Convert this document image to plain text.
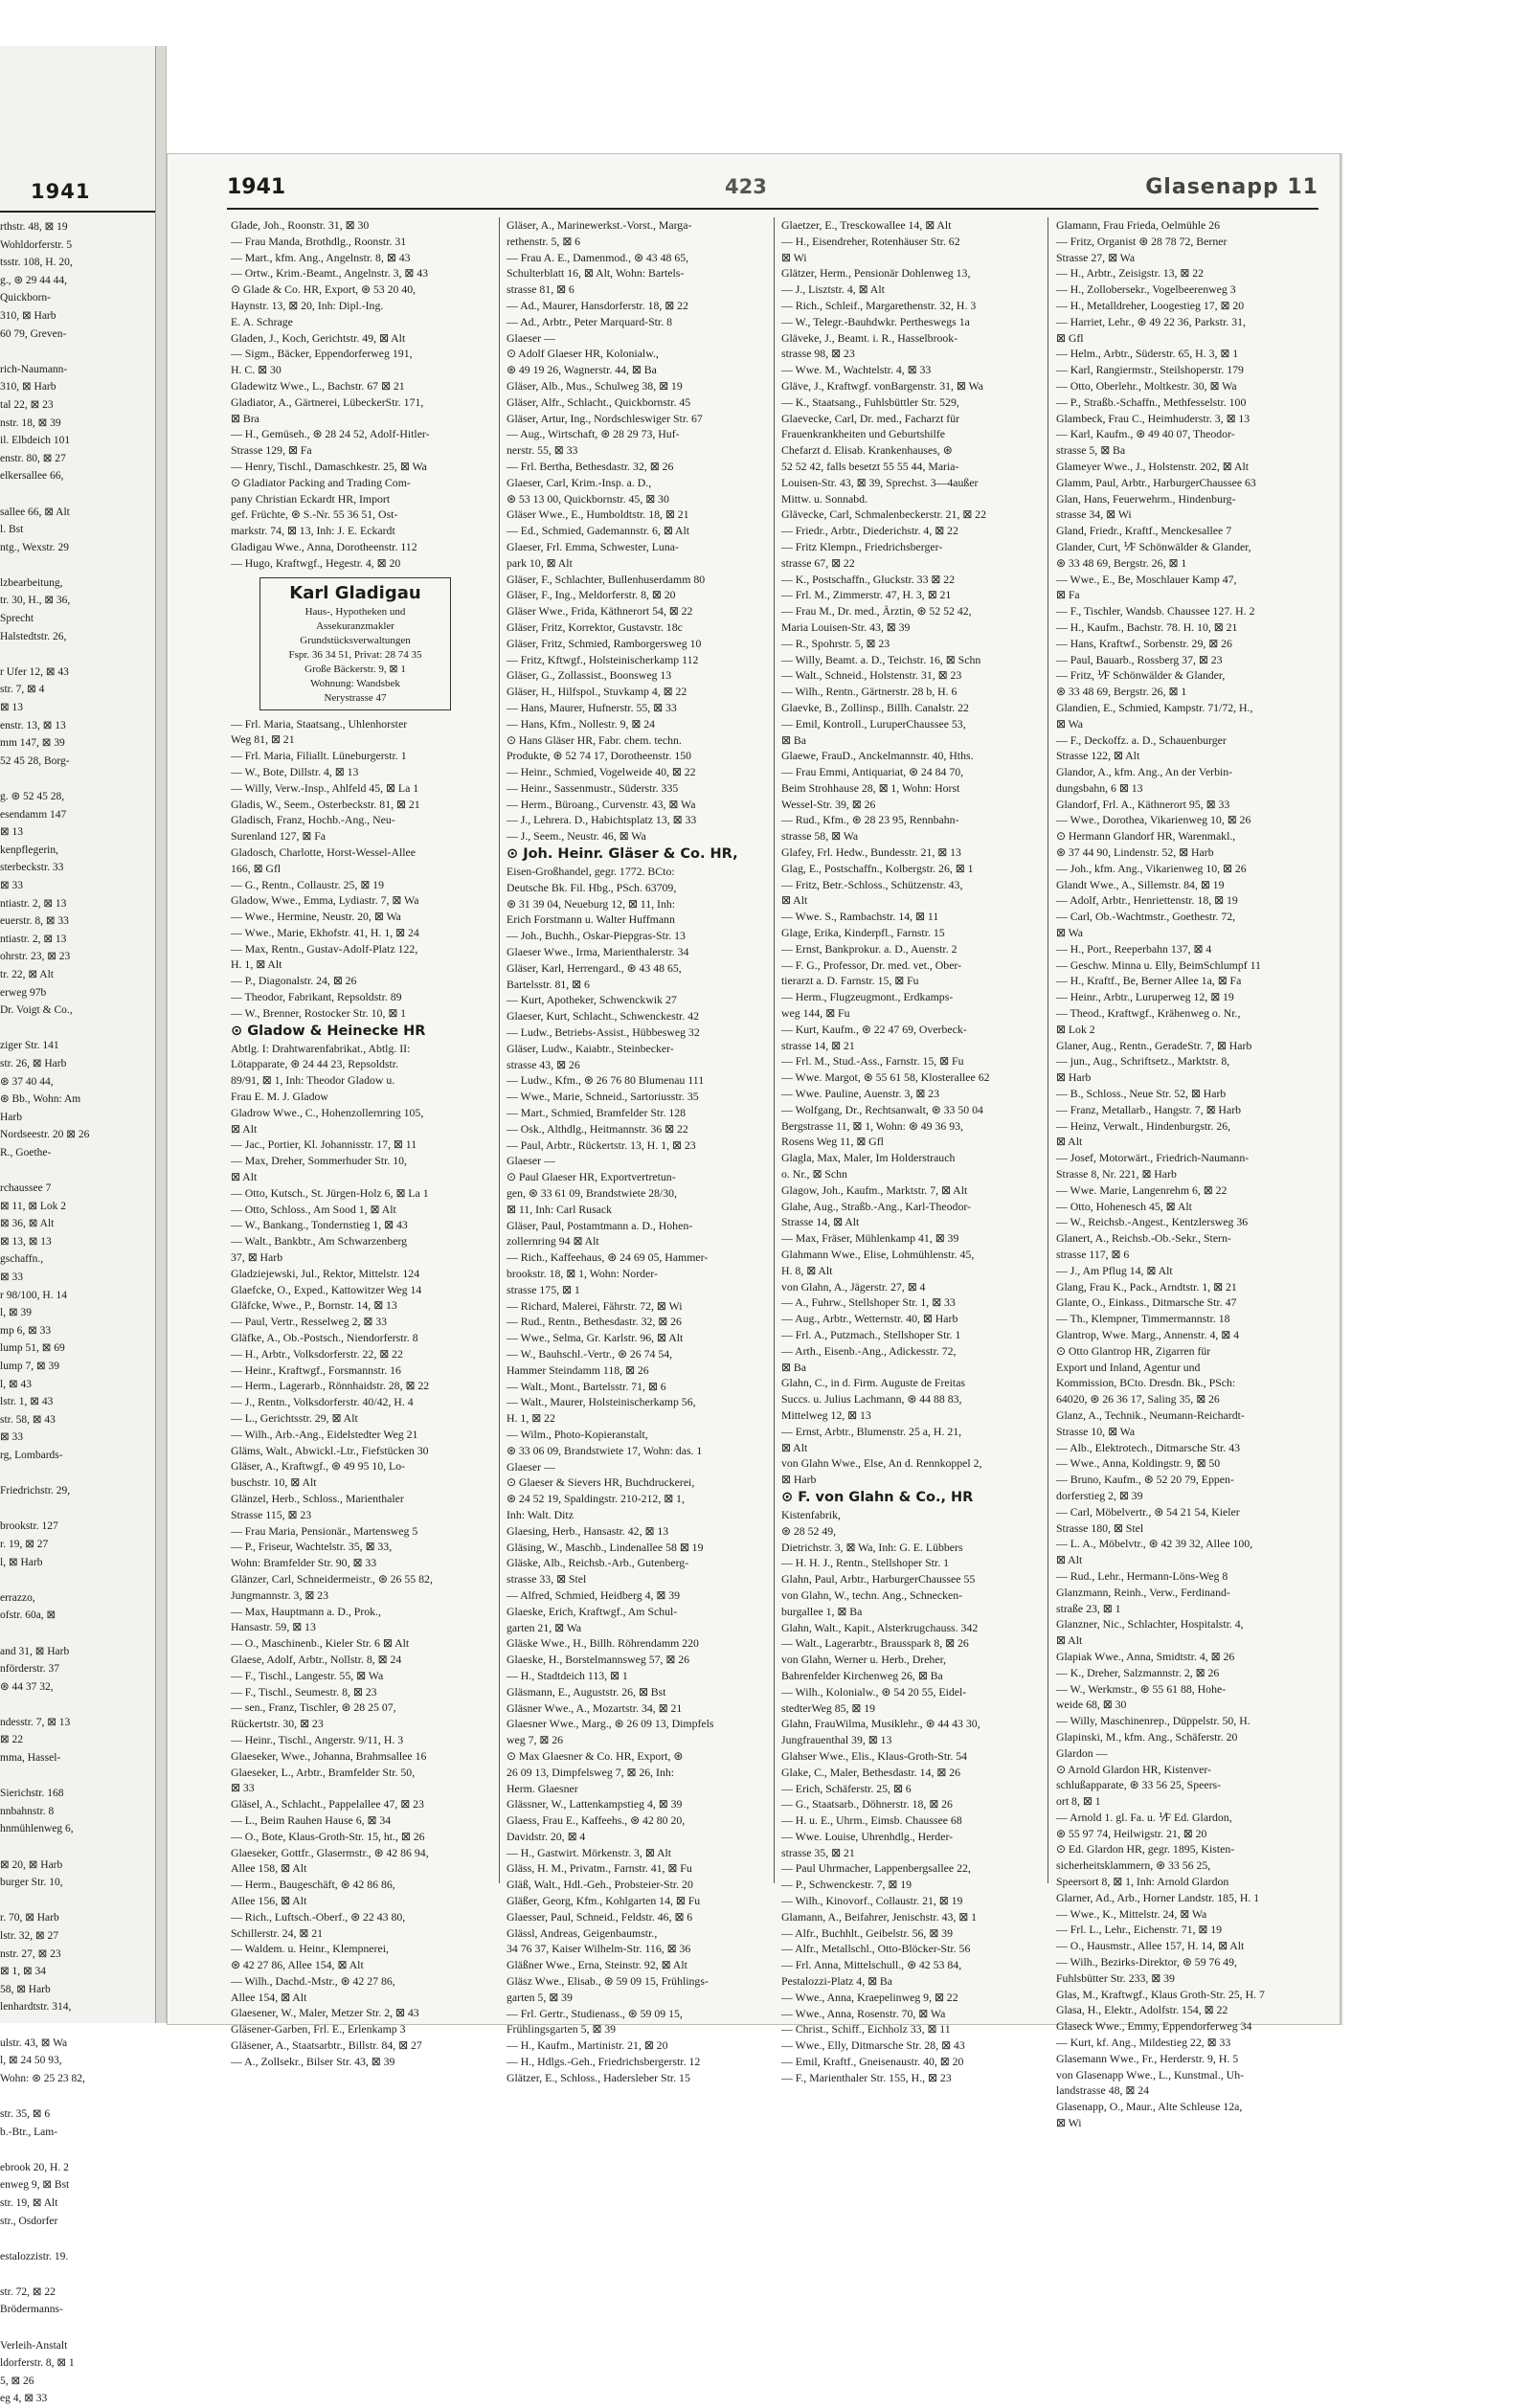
1941
rthstr. 48, ⊠ 19
Wohldorferstr. 5
tsstr. 108, H. 20,
g., ⊛ 29 44 44,
Quickborn-
310, ⊠ Harb
60 79, Greven-

rich-Naumann-
310, ⊠ Harb
tal 22, ⊠ 23
nstr. 18, ⊠ 39
il. Elbdeich 101
enstr. 80, ⊠ 27
elkersallee 66,

sallee 66, ⊠ Alt
l. Bst
ntg., Wexstr. 29

lzbearbeitung,
tr. 30, H., ⊠ 36,
Sprecht
Halstedtstr. 26,

r Ufer 12, ⊠ 43
str. 7, ⊠ 4
⊠ 13
enstr. 13, ⊠ 13
mm 147, ⊠ 39
52 45 28, Borg-

g. ⊛ 52 45 28,
esendamm 147
⊠ 13
kenpflegerin,
sterbeckstr. 33
⊠ 33
ntiastr. 2, ⊠ 13
euerstr. 8, ⊠ 33
ntiastr. 2, ⊠ 13
ohrstr. 23, ⊠ 23
tr. 22, ⊠ Alt
erweg 97b
Dr. Voigt & Co.,

ziger Str. 141
str. 26, ⊠ Harb
⊛ 37 40 44,
⊛ Bb., Wohn: Am
Harb
Nordseestr. 20 ⊠ 26
R., Goethe-

rchaussee 7
⊠ 11, ⊠ Lok 2
⊠ 36, ⊠ Alt
⊠ 13, ⊠ 13
gschaffn.,
⊠ 33
r 98/100, H. 14
l, ⊠ 39
mp 6, ⊠ 33
lump 51, ⊠ 69
lump 7, ⊠ 39
l, ⊠ 43
lstr. 1, ⊠ 43
str. 58, ⊠ 43
⊠ 33
rg, Lombards-

Friedrichstr. 29,

brookstr. 127
r. 19, ⊠ 27
l, ⊠ Harb

errazzo,
ofstr. 60a, ⊠

and 31, ⊠ Harb
nförderstr. 37
⊛ 44 37 32,

ndesstr. 7, ⊠ 13
⊠ 22
mma, Hassel-

Sierichstr. 168
nnbahnstr. 8
hnmühlenweg 6,

⊠ 20, ⊠ Harb
burger Str. 10,

r. 70, ⊠ Harb
lstr. 32, ⊠ 27
nstr. 27, ⊠ 23
⊠ 1, ⊠ 34
58, ⊠ Harb
lenhardtstr. 314,

ulstr. 43, ⊠ Wa
l, ⊠ 24 50 93,
Wohn: ⊛ 25 23 82,

str. 35, ⊠ 6
b.-Btr., Lam-

ebrook 20, H. 2
enweg 9, ⊠ Bst
str. 19, ⊠ Alt
str., Osdorfer

estalozzistr. 19.

str. 72, ⊠ 22
Brödermanns-

Verleih-Anstalt
ldorferstr. 8, ⊠ 1
5, ⊠ 26
eg 4, ⊠ 33
1941	423	Glasenapp 11
Glade, Joh., Roonstr. 31, ⊠ 30
— Frau Manda, Brothdlg., Roonstr. 31
— Mart., kfm. Ang., Angelnstr. 8, ⊠ 43
— Ortw., Krim.-Beamt., Angelnstr. 3, ⊠ 43
⊙ Glade & Co. HR, Export, ⊛ 53 20 40,
Haynstr. 13, ⊠ 20, Inh: Dipl.-Ing.
E. A. Schrage
Gladen, J., Koch, Gerichtstr. 49, ⊠ Alt
— Sigm., Bäcker, Eppendorferweg 191,
H. C. ⊠ 30
Gladewitz Wwe., L., Bachstr. 67 ⊠ 21
Gladiator, A., Gärtnerei, LübeckerStr. 171,
⊠ Bra
— H., Gemüseh., ⊛ 28 24 52, Adolf-Hitler-
Strasse 129, ⊠ Fa
— Henry, Tischl., Damaschkestr. 25, ⊠ Wa
⊙ Gladiator Packing and Trading Com-
pany Christian Eckardt HR, Import
gef. Früchte, ⊛ S.-Nr. 55 36 51, Ost-
markstr. 74, ⊠ 13, Inh: J. E. Eckardt
Gladigau Wwe., Anna, Dorotheenstr. 112
— Hugo, Kraftwgf., Hegestr. 4, ⊠ 20
Karl Gladigau
Haus-, Hypotheken und
Assekuranzmakler
Grundstücksverwaltungen
Fspr. 36 34 51, Privat: 28 74 35
Große Bäckerstr. 9, ⊠ 1
Wohnung: Wandsbek
Nerystrasse 47
— Frl. Maria, Staatsang., Uhlenhorster
Weg 81, ⊠ 21
— Frl. Maria, Filiallt. Lüneburgerstr. 1
— W., Bote, Dillstr. 4, ⊠ 13
— Willy, Verw.-Insp., Ahlfeld 45, ⊠ La 1
Gladis, W., Seem., Osterbeckstr. 81, ⊠ 21
Gladisch, Franz, Hochb.-Ang., Neu-
Surenland 127, ⊠ Fa
Gladosch, Charlotte, Horst-Wessel-Allee
166, ⊠ Gfl
— G., Rentn., Collaustr. 25, ⊠ 19
Gladow, Wwe., Emma, Lydiastr. 7, ⊠ Wa
— Wwe., Hermine, Neustr. 20, ⊠ Wa
— Wwe., Marie, Ekhofstr. 41, H. 1, ⊠ 24
— Max, Rentn., Gustav-Adolf-Platz 122,
H. 1, ⊠ Alt
— P., Diagonalstr. 24, ⊠ 26
— Theodor, Fabrikant, Repsoldstr. 89
— W., Brenner, Rostocker Str. 10, ⊠ 1
⊙ Gladow & Heinecke HR
Abtlg. I: Drahtwarenfabrikat., Abtlg. II:
Lötapparate, ⊛ 24 44 23, Repsoldstr.
89/91, ⊠ 1, Inh: Theodor Gladow u.
Frau E. M. J. Gladow
Gladrow Wwe., C., Hohenzollernring 105,
⊠ Alt
— Jac., Portier, Kl. Johannisstr. 17, ⊠ 11
— Max, Dreher, Sommerhuder Str. 10,
⊠ Alt
— Otto, Kutsch., St. Jürgen-Holz 6, ⊠ La 1
— Otto, Schloss., Am Sood 1, ⊠ Alt
— W., Bankang., Tondernstieg 1, ⊠ 43
— Walt., Bankbtr., Am Schwarzenberg
37, ⊠ Harb
Gladziejewski, Jul., Rektor, Mittelstr. 124
Glaefcke, O., Exped., Kattowitzer Weg 14
Gläfcke, Wwe., P., Bornstr. 14, ⊠ 13
— Paul, Vertr., Resselweg 2, ⊠ 33
Gläfke, A., Ob.-Postsch., Niendorferstr. 8
— H., Arbtr., Volksdorferstr. 22, ⊠ 22
— Heinr., Kraftwgf., Forsmannstr. 16
— Herm., Lagerarb., Rönnhaidstr. 28, ⊠ 22
— J., Rentn., Volksdorferstr. 40/42, H. 4
— L., Gerichtsstr. 29, ⊠ Alt
— Wilh., Arb.-Ang., Eidelstedter Weg 21
Gläms, Walt., Abwickl.-Ltr., Fiefstücken 30
Gläser, A., Kraftwgf., ⊛ 49 95 10, Lo-
buschstr. 10, ⊠ Alt
Glänzel, Herb., Schloss., Marienthaler
Strasse 115, ⊠ 23
— Frau Maria, Pensionär., Martensweg 5
— P., Friseur, Wachtelstr. 35, ⊠ 33,
Wohn: Bramfelder Str. 90, ⊠ 33
Glänzer, Carl, Schneidermeistr., ⊛ 26 55 82,
Jungmannstr. 3, ⊠ 23
— Max, Hauptmann a. D., Prok.,
Hansastr. 59, ⊠ 13
— O., Maschinenb., Kieler Str. 6 ⊠ Alt
Glaese, Adolf, Arbtr., Nollstr. 8, ⊠ 24
— F., Tischl., Langestr. 55, ⊠ Wa
— F., Tischl., Seumestr. 8, ⊠ 23
— sen., Franz, Tischler, ⊛ 28 25 07,
Rückertstr. 30, ⊠ 23
— Heinr., Tischl., Angerstr. 9/11, H. 3
Glaeseker, Wwe., Johanna, Brahmsallee 16
Glaeseker, L., Arbtr., Bramfelder Str. 50,
⊠ 33
Gläsel, A., Schlacht., Pappelallee 47, ⊠ 23
— L., Beim Rauhen Hause 6, ⊠ 34
— O., Bote, Klaus-Groth-Str. 15, ht., ⊠ 26
Glaeseker, Gottfr., Glasermstr., ⊛ 42 86 94,
Allee 158, ⊠ Alt
— Herm., Baugeschäft, ⊛ 42 86 86,
Allee 156, ⊠ Alt
— Rich., Luftsch.-Oberf., ⊛ 22 43 80,
Schillerstr. 24, ⊠ 21
— Waldem. u. Heinr., Klempnerei,
⊛ 42 27 86, Allee 154, ⊠ Alt
— Wilh., Dachd.-Mstr., ⊛ 42 27 86,
Allee 154, ⊠ Alt
Glaesener, W., Maler, Metzer Str. 2, ⊠ 43
Gläsener-Garben, Frl. E., Erlenkamp 3
Gläsener, A., Staatsarbtr., Billstr. 84, ⊠ 27
— A., Zollsekr., Bilser Str. 43, ⊠ 39
Gläser, A., Marinewerkst.-Vorst., Marga-
rethenstr. 5, ⊠ 6
— Frau A. E., Damenmod., ⊛ 43 48 65,
Schulterblatt 16, ⊠ Alt, Wohn: Bartels-
strasse 81, ⊠ 6
— Ad., Maurer, Hansdorferstr. 18, ⊠ 22
— Ad., Arbtr., Peter Marquard-Str. 8
Glaeser —
⊙ Adolf Glaeser HR, Kolonialw.,
⊛ 49 19 26, Wagnerstr. 44, ⊠ Ba
Gläser, Alb., Mus., Schulweg 38, ⊠ 19
Gläser, Alfr., Schlacht., Quickbornstr. 45
Gläser, Artur, Ing., Nordschleswiger Str. 67
— Aug., Wirtschaft, ⊛ 28 29 73, Huf-
nerstr. 55, ⊠ 33
— Frl. Bertha, Bethesdastr. 32, ⊠ 26
Glaeser, Carl, Krim.-Insp. a. D.,
⊛ 53 13 00, Quickbornstr. 45, ⊠ 30
Gläser Wwe., E., Humboldtstr. 18, ⊠ 21
— Ed., Schmied, Gademannstr. 6, ⊠ Alt
Glaeser, Frl. Emma, Schwester, Luna-
park 10, ⊠ Alt
Gläser, F., Schlachter, Bullenhuserdamm 80
Gläser, F., Ing., Meldorferstr. 8, ⊠ 20
Gläser Wwe., Frida, Käthnerort 54, ⊠ 22
Gläser, Fritz, Korrektor, Gustavstr. 18c
Gläser, Fritz, Schmied, Ramborgersweg 10
— Fritz, Kftwgf., Holsteinischerkamp 112
Gläser, G., Zollassist., Boonsweg 13
Gläser, H., Hilfspol., Stuvkamp 4, ⊠ 22
— Hans, Maurer, Hufnerstr. 55, ⊠ 33
— Hans, Kfm., Nollestr. 9, ⊠ 24
⊙ Hans Gläser HR, Fabr. chem. techn.
Produkte, ⊛ 52 74 17, Dorotheenstr. 150
— Heinr., Schmied, Vogelweide 40, ⊠ 22
— Heinr., Sassenmustr., Süderstr. 335
— Herm., Büroang., Curvenstr. 43, ⊠ Wa
— J., Lehrera. D., Habichtsplatz 13, ⊠ 33
— J., Seem., Neustr. 46, ⊠ Wa
⊙ Joh. Heinr. Gläser & Co. HR,
Eisen-Großhandel, gegr. 1772. BCto:
Deutsche Bk. Fil. Hbg., PSch. 63709,
⊛ 31 39 04, Neueburg 12, ⊠ 11, Inh:
Erich Forstmann u. Walter Huffmann
— Joh., Buchh., Oskar-Piepgras-Str. 13
Glaeser Wwe., Irma, Marienthalerstr. 34
Gläser, Karl, Herrengard., ⊛ 43 48 65,
Bartelsstr. 81, ⊠ 6
— Kurt, Apotheker, Schwenckwik 27
Glaeser, Kurt, Schlacht., Schwenckestr. 42
— Ludw., Betriebs-Assist., Hübbesweg 32
Gläser, Ludw., Kaiabtr., Steinbecker-
strasse 43, ⊠ 26
— Ludw., Kfm., ⊛ 26 76 80 Blumenau 111
— Wwe., Marie, Schneid., Sartoriusstr. 35
— Mart., Schmied, Bramfelder Str. 128
— Osk., Althdlg., Heitmannstr. 36 ⊠ 22
— Paul, Arbtr., Rückertstr. 13, H. 1, ⊠ 23
Glaeser —
⊙ Paul Glaeser HR, Exportvertretun-
gen, ⊛ 33 61 09, Brandstwiete 28/30,
⊠ 11, Inh: Carl Rusack
Gläser, Paul, Postamtmann a. D., Hohen-
zollernring 94 ⊠ Alt
— Rich., Kaffeehaus, ⊛ 24 69 05, Hammer-
brookstr. 18, ⊠ 1, Wohn: Norder-
strasse 175, ⊠ 1
— Richard, Malerei, Fährstr. 72, ⊠ Wi
— Rud., Rentn., Bethesdastr. 32, ⊠ 26
— Wwe., Selma, Gr. Karlstr. 96, ⊠ Alt
— W., Bauhschl.-Vertr., ⊛ 26 74 54,
Hammer Steindamm 118, ⊠ 26
— Walt., Mont., Bartelsstr. 71, ⊠ 6
— Walt., Maurer, Holsteinischerkamp 56,
H. 1, ⊠ 22
— Wilm., Photo-Kopieranstalt,
⊛ 33 06 09, Brandstwiete 17, Wohn: das. 1
Glaeser —
⊙ Glaeser & Sievers HR, Buchdruckerei,
⊛ 24 52 19, Spaldingstr. 210-212, ⊠ 1,
Inh: Walt. Ditz
Glaesing, Herb., Hansastr. 42, ⊠ 13
Gläsing, W., Maschb., Lindenallee 58 ⊠ 19
Gläske, Alb., Reichsb.-Arb., Gutenberg-
strasse 33, ⊠ Stel
— Alfred, Schmied, Heidberg 4, ⊠ 39
Glaeske, Erich, Kraftwgf., Am Schul-
garten 21, ⊠ Wa
Gläske Wwe., H., Billh. Röhrendamm 220
Glaeske, H., Borstelmannsweg 57, ⊠ 26
— H., Stadtdeich 113, ⊠ 1
Gläsmann, E., Auguststr. 26, ⊠ Bst
Gläsner Wwe., A., Mozartstr. 34, ⊠ 21
Glaesner Wwe., Marg., ⊛ 26 09 13, Dimpfels
weg 7, ⊠ 26
⊙ Max Glaesner & Co. HR, Export, ⊛
26 09 13, Dimpfelsweg 7, ⊠ 26, Inh:
Herm. Glaesner
Glässner, W., Lattenkampstieg 4, ⊠ 39
Glaess, Frau E., Kaffeehs., ⊛ 42 80 20,
Davidstr. 20, ⊠ 4
— H., Gastwirt. Mörkenstr. 3, ⊠ Alt
Gläss, H. M., Privatm., Farnstr. 41, ⊠ Fu
Gläß, Walt., Hdl.-Geh., Probsteier-Str. 20
Gläßer, Georg, Kfm., Kohlgarten 14, ⊠ Fu
Glaesser, Paul, Schneid., Feldstr. 46, ⊠ 6
Glässl, Andreas, Geigenbaumstr.,
34 76 37, Kaiser Wilhelm-Str. 116, ⊠ 36
Gläßner Wwe., Erna, Steinstr. 92, ⊠ Alt
Gläsz Wwe., Elisab., ⊛ 59 09 15, Frühlings-
garten 5, ⊠ 39
— Frl. Gertr., Studienass., ⊛ 59 09 15,
Frühlingsgarten 5, ⊠ 39
— H., Kaufm., Martinistr. 21, ⊠ 20
— H., Hdlgs.-Geh., Friedrichsbergerstr. 12
Glätzer, E., Schloss., Hadersleber Str. 15
Glaetzer, E., Tresckowallee 14, ⊠ Alt
— H., Eisendreher, Rotenhäuser Str. 62
⊠ Wi
Glätzer, Herm., Pensionär Dohlenweg 13,
— J., Lisztstr. 4, ⊠ Alt
— Rich., Schleif., Margarethenstr. 32, H. 3
— W., Telegr.-Bauhdwkr. Pertheswegs 1a
Gläveke, J., Beamt. i. R., Hasselbrook-
strasse 98, ⊠ 23
— Wwe. M., Wachtelstr. 4, ⊠ 33
Gläve, J., Kraftwgf. vonBargenstr. 31, ⊠ Wa
— K., Staatsang., Fuhlsbüttler Str. 529,
Glaevecke, Carl, Dr. med., Facharzt für
Frauenkrankheiten und Geburtshilfe
Chefarzt d. Elisab. Krankenhauses, ⊛
52 52 42, falls besetzt 55 55 44, Maria-
Louisen-Str. 43, ⊠ 39, Sprechst. 3—4außer
Mittw. u. Sonnabd.
Glävecke, Carl, Schmalenbeckerstr. 21, ⊠ 22
— Friedr., Arbtr., Diederichstr. 4, ⊠ 22
— Fritz Klempn., Friedrichsberger-
strasse 67, ⊠ 22
— K., Postschaffn., Gluckstr. 33 ⊠ 22
— Frl. M., Zimmerstr. 47, H. 3, ⊠ 21
— Frau M., Dr. med., Ärztin, ⊛ 52 52 42,
Maria Louisen-Str. 43, ⊠ 39
— R., Spohrstr. 5, ⊠ 23
— Willy, Beamt. a. D., Teichstr. 16, ⊠ Schn
— Walt., Schneid., Holstenstr. 31, ⊠ 23
— Wilh., Rentn., Gärtnerstr. 28 b, H. 6
Glaevke, B., Zollinsp., Billh. Canalstr. 22
— Emil, Kontroll., LuruperChaussee 53,
⊠ Ba
Glaewe, FrauD., Anckelmannstr. 40, Hths.
— Frau Emmi, Antiquariat, ⊛ 24 84 70,
Beim Strohhause 28, ⊠ 1, Wohn: Horst
Wessel-Str. 39, ⊠ 26
— Rud., Kfm., ⊛ 28 23 95, Rennbahn-
strasse 58, ⊠ Wa
Glafey, Frl. Hedw., Bundesstr. 21, ⊠ 13
Glag, E., Postschaffn., Kolbergstr. 26, ⊠ 1
— Fritz, Betr.-Schloss., Schützenstr. 43,
⊠ Alt
— Wwe. S., Rambachstr. 14, ⊠ 11
Glage, Erika, Kinderpfl., Farnstr. 15
— Ernst, Bankprokur. a. D., Auenstr. 2
— F. G., Professor, Dr. med. vet., Ober-
tierarzt a. D. Farnstr. 15, ⊠ Fu
— Herm., Flugzeugmont., Erdkamps-
weg 144, ⊠ Fu
— Kurt, Kaufm., ⊛ 22 47 69, Overbeck-
strasse 14, ⊠ 21
— Frl. M., Stud.-Ass., Farnstr. 15, ⊠ Fu
— Wwe. Margot, ⊛ 55 61 58, Klosterallee 62
— Wwe. Pauline, Auenstr. 3, ⊠ 23
— Wolfgang, Dr., Rechtsanwalt, ⊛ 33 50 04
Bergstrasse 11, ⊠ 1, Wohn: ⊛ 49 36 93,
Rosens Weg 11, ⊠ Gfl
Glagla, Max, Maler, Im Holderstrauch
o. Nr., ⊠ Schn
Glagow, Joh., Kaufm., Marktstr. 7, ⊠ Alt
Glahe, Aug., Straßb.-Ang., Karl-Theodor-
Strasse 14, ⊠ Alt
— Max, Fräser, Mühlenkamp 41, ⊠ 39
Glahmann Wwe., Elise, Lohmühlenstr. 45,
H. 8, ⊠ Alt
von Glahn, A., Jägerstr. 27, ⊠ 4
— A., Fuhrw., Stellshoper Str. 1, ⊠ 33
— Aug., Arbtr., Wetternstr. 40, ⊠ Harb
— Frl. A., Putzmach., Stellshoper Str. 1
— Arth., Eisenb.-Ang., Adickesstr. 72,
⊠ Ba
Glahn, C., in d. Firm. Auguste de Freitas
Succs. u. Julius Lachmann, ⊛ 44 88 83,
Mittelweg 12, ⊠ 13
— Ernst, Arbtr., Blumenstr. 25 a, H. 21,
⊠ Alt
von Glahn Wwe., Else, An d. Rennkoppel 2,
⊠ Harb
⊙ F. von Glahn & Co., HR
Kistenfabrik,
⊛ 28 52 49,
Dietrichstr. 3, ⊠ Wa, Inh: G. E. Lübbers
— H. H. J., Rentn., Stellshoper Str. 1
Glahn, Paul, Arbtr., HarburgerChaussee 55
von Glahn, W., techn. Ang., Schnecken-
burgallee 1, ⊠ Ba
Glahn, Walt., Kapit., Alsterkrugchauss. 342
— Walt., Lagerarbtr., Brausspark 8, ⊠ 26
von Glahn, Werner u. Herb., Dreher,
Bahrenfelder Kirchenweg 26, ⊠ Ba
— Wilh., Kolonialw., ⊛ 54 20 55, Eidel-
stedterWeg 85, ⊠ 19
Glahn, FrauWilma, Musiklehr., ⊛ 44 43 30,
Jungfrauenthal 39, ⊠ 13
Glahser Wwe., Elis., Klaus-Groth-Str. 54
Glake, C., Maler, Bethesdastr. 14, ⊠ 26
— Erich, Schäferstr. 25, ⊠ 6
— G., Staatsarb., Döhnerstr. 18, ⊠ 26
— H. u. E., Uhrm., Eimsb. Chaussee 68
— Wwe. Louise, Uhrenhdlg., Herder-
strasse 35, ⊠ 21
— Paul Uhrmacher, Lappenbergsallee 22,
— P., Schwenckestr. 7, ⊠ 19
— Wilh., Kinovorf., Collaustr. 21, ⊠ 19
Glamann, A., Beifahrer, Jenischstr. 43, ⊠ 1
— Alfr., Buchhlt., Geibelstr. 56, ⊠ 39
— Alfr., Metallschl., Otto-Blöcker-Str. 56
— Frl. Anna, Mittelschull., ⊛ 42 53 84,
Pestalozzi-Platz 4, ⊠ Ba
— Wwe., Anna, Kraepelinweg 9, ⊠ 22
— Wwe., Anna, Rosenstr. 70, ⊠ Wa
— Christ., Schiff., Eichholz 33, ⊠ 11
— Wwe., Elly, Ditmarsche Str. 28, ⊠ 43
— Emil, Kraftf., Gneisenaustr. 40, ⊠ 20
— F., Marienthaler Str. 155, H., ⊠ 23
Glamann, Frau Frieda, Oelmühle 26
— Fritz, Organist ⊛ 28 78 72, Berner
Strasse 27, ⊠ Wa
— H., Arbtr., Zeisigstr. 13, ⊠ 22
— H., Zollobersekr., Vogelbeerenweg 3
— H., Metalldreher, Loogestieg 17, ⊠ 20
— Harriet, Lehr., ⊛ 49 22 36, Parkstr. 31,
⊠ Gfl
— Helm., Arbtr., Süderstr. 65, H. 3, ⊠ 1
— Karl, Rangiermstr., Steilshoperstr. 179
— Otto, Oberlehr., Moltkestr. 30, ⊠ Wa
— P., Straßb.-Schaffn., Methfesselstr. 100
Glambeck, Frau C., Heimhuderstr. 3, ⊠ 13
— Karl, Kaufm., ⊛ 49 40 07, Theodor-
strasse 5, ⊠ Ba
Glameyer Wwe., J., Holstenstr. 202, ⊠ Alt
Glamm, Paul, Arbtr., HarburgerChaussee 63
Glan, Hans, Feuerwehrm., Hindenburg-
strasse 34, ⊠ Wi
Gland, Friedr., Kraftf., Menckesallee 7
Glander, Curt, ⅟F Schönwälder & Glander,
⊛ 33 48 69, Bergstr. 26, ⊠ 1
— Wwe., E., Be, Moschlauer Kamp 47,
⊠ Fa
— F., Tischler, Wandsb. Chaussee 127. H. 2
— H., Kaufm., Bachstr. 78. H. 10, ⊠ 21
— Hans, Kraftwf., Sorbenstr. 29, ⊠ 26
— Paul, Bauarb., Rossberg 37, ⊠ 23
— Fritz, ⅟F Schönwälder & Glander,
⊛ 33 48 69, Bergstr. 26, ⊠ 1
Glandien, E., Schmied, Kampstr. 71/72, H.,
⊠ Wa
— F., Deckoffz. a. D., Schauenburger
Strasse 122, ⊠ Alt
Glandor, A., kfm. Ang., An der Verbin-
dungsbahn, 6 ⊠ 13
Glandorf, Frl. A., Käthnerort 95, ⊠ 33
— Wwe., Dorothea, Vikarienweg 10, ⊠ 26
⊙ Hermann Glandorf HR, Warenmakl.,
⊛ 37 44 90, Lindenstr. 52, ⊠ Harb
— Joh., kfm. Ang., Vikarienweg 10, ⊠ 26
Glandt Wwe., A., Sillemstr. 84, ⊠ 19
— Adolf, Arbtr., Henriettenstr. 18, ⊠ 19
— Carl, Ob.-Wachtmstr., Goethestr. 72,
⊠ Wa
— H., Port., Reeperbahn 137, ⊠ 4
— Geschw. Minna u. Elly, BeimSchlumpf 11
— H., Kraftf., Be, Berner Allee 1a, ⊠ Fa
— Heinr., Arbtr., Luruperweg 12, ⊠ 19
— Theod., Kraftwgf., Krähenweg o. Nr.,
⊠ Lok 2
Glaner, Aug., Rentn., GeradeStr. 7, ⊠ Harb
— jun., Aug., Schriftsetz., Marktstr. 8,
⊠ Harb
— B., Schloss., Neue Str. 52, ⊠ Harb
— Franz, Metallarb., Hangstr. 7, ⊠ Harb
— Heinz, Verwalt., Hindenburgstr. 26,
⊠ Alt
— Josef, Motorwärt., Friedrich-Naumann-
Strasse 8, Nr. 221, ⊠ Harb
— Wwe. Marie, Langenrehm 6, ⊠ 22
— Otto, Hohenesch 45, ⊠ Alt
— W., Reichsb.-Angest., Kentzlersweg 36
Glanert, A., Reichsb.-Ob.-Sekr., Stern-
strasse 117, ⊠ 6
— J., Am Pflug 14, ⊠ Alt
Glang, Frau K., Pack., Arndtstr. 1, ⊠ 21
Glante, O., Einkass., Ditmarsche Str. 47
— Th., Klempner, Timmermannstr. 18
Glantrop, Wwe. Marg., Annenstr. 4, ⊠ 4
⊙ Otto Glantrop HR, Zigarren für
Export und Inland, Agentur und
Kommission, BCto. Dresdn. Bk., PSch:
64020, ⊛ 26 36 17, Saling 35, ⊠ 26
Glanz, A., Technik., Neumann-Reichardt-
Strasse 10, ⊠ Wa
— Alb., Elektrotech., Ditmarsche Str. 43
— Wwe., Anna, Koldingstr. 9, ⊠ 50
— Bruno, Kaufm., ⊛ 52 20 79, Eppen-
dorferstieg 2, ⊠ 39
— Carl, Möbelvertr., ⊛ 54 21 54, Kieler
Strasse 180, ⊠ Stel
— L. A., Möbelvtr., ⊛ 42 39 32, Allee 100,
⊠ Alt
— Rud., Lehr., Hermann-Löns-Weg 8
Glanzmann, Reinh., Verw., Ferdinand-
straße 23, ⊠ 1
Glanzner, Nic., Schlachter, Hospitalstr. 4,
⊠ Alt
Glapiak Wwe., Anna, Smidtstr. 4, ⊠ 26
— K., Dreher, Salzmannstr. 2, ⊠ 26
— W., Werkmstr., ⊛ 55 61 88, Hohe-
weide 68, ⊠ 30
— Willy, Maschinenrep., Düppelstr. 50, H.
Glapinski, M., kfm. Ang., Schäferstr. 20
Glardon —
⊙ Arnold Glardon HR, Kistenver-
schlußapparate, ⊛ 33 56 25, Speers-
ort 8, ⊠ 1
— Arnold 1. gl. Fa. u. ⅟F Ed. Glardon,
⊛ 55 97 74, Heilwigstr. 21, ⊠ 20
⊙ Ed. Glardon HR, gegr. 1895, Kisten-
sicherheitsklammern, ⊛ 33 56 25,
Speersort 8, ⊠ 1, Inh: Arnold Glardon
Glarner, Ad., Arb., Horner Landstr. 185, H. 1
— Wwe., K., Mittelstr. 24, ⊠ Wa
— Frl. L., Lehr., Eichenstr. 71, ⊠ 19
— O., Hausmstr., Allee 157, H. 14, ⊠ Alt
— Wilh., Bezirks-Direktor, ⊛ 59 76 49,
Fuhlsbütter Str. 233, ⊠ 39
Glas, M., Kraftwgf., Klaus Groth-Str. 25, H. 7
Glasa, H., Elektr., Adolfstr. 154, ⊠ 22
Glaseck Wwe., Emmy, Eppendorferweg 34
— Kurt, kf. Ang., Mildestieg 22, ⊠ 33
Glasemann Wwe., Fr., Herderstr. 9, H. 5
von Glasenapp Wwe., L., Kunstmal., Uh-
landstrasse 48, ⊠ 24
Glasenapp, O., Maur., Alte Schleuse 12a,
⊠ Wi
